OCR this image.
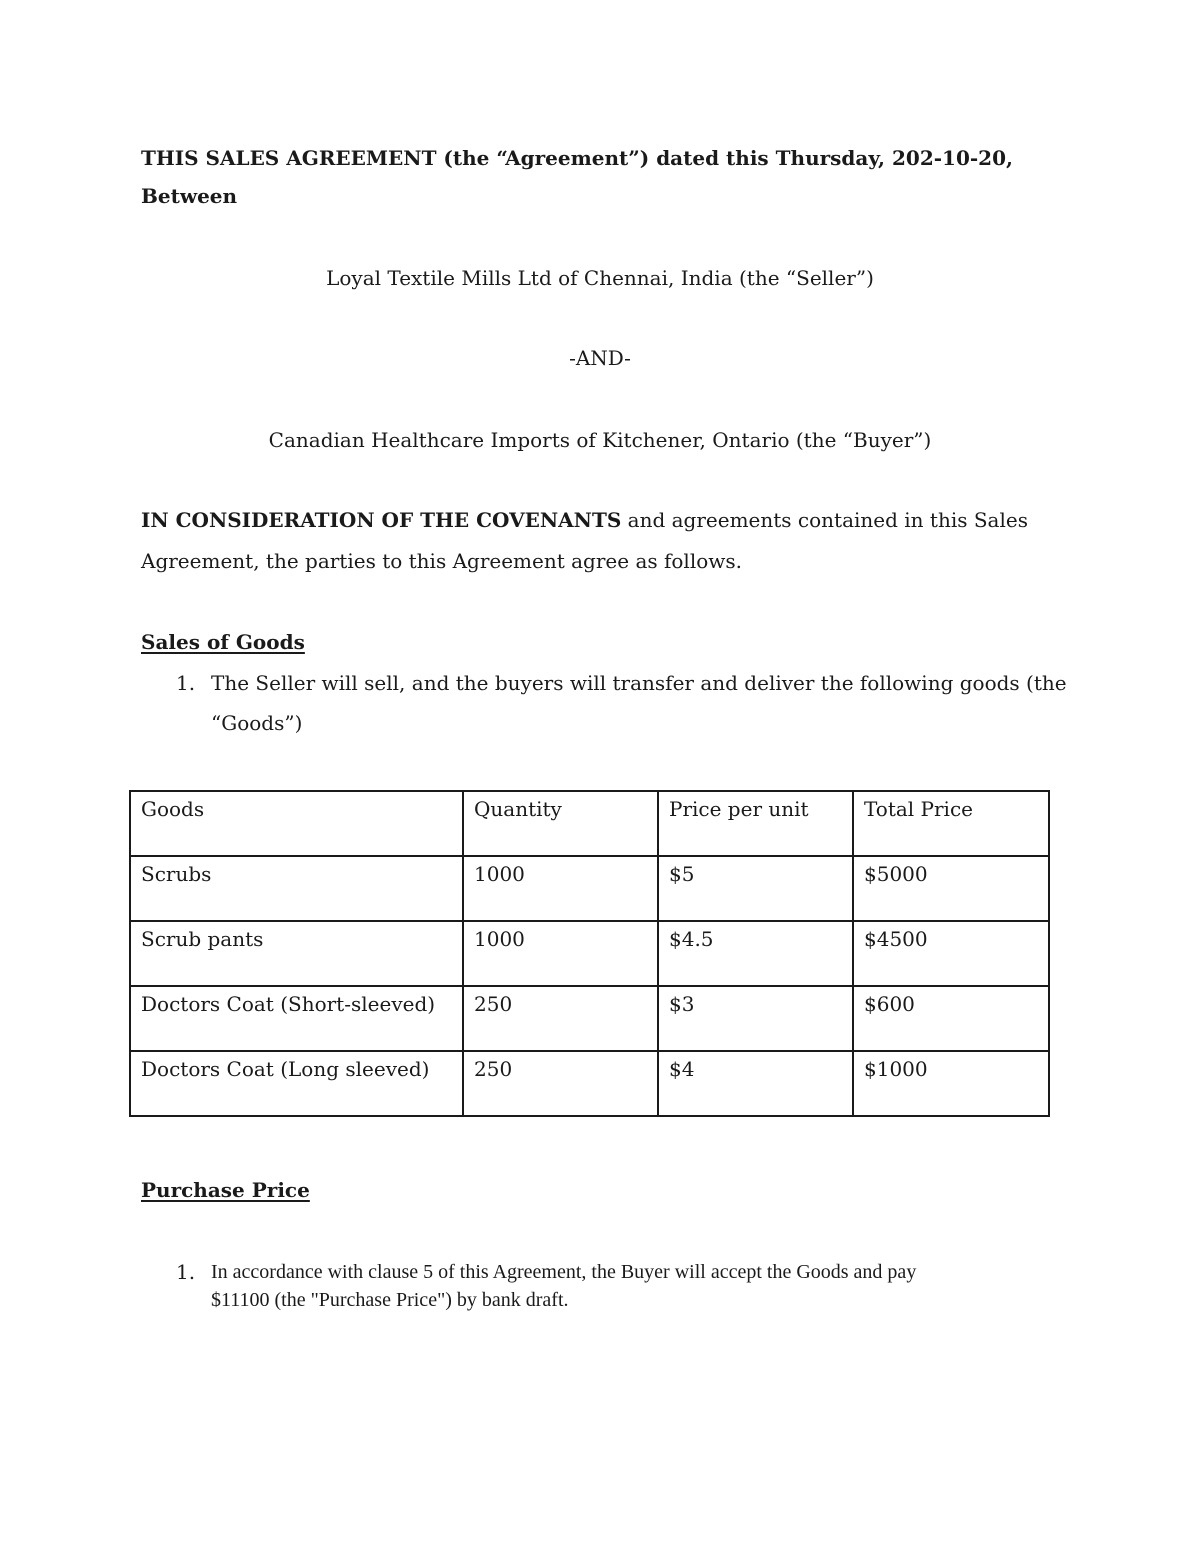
THIS SALES AGREEMENT (the “Agreement”) dated this Thursday, 202-10-20,
Between
Loyal Textile Mills Ltd of Chennai, India (the “Seller”)
-AND-
Canadian Healthcare Imports of Kitchener, Ontario (the “Buyer”)
IN CONSIDERATION OF THE COVENANTS and agreements contained in this Sales
Agreement, the parties to this Agreement agree as follows.
Sales of Goods
1. The Seller will sell, and the buyers will transfer and deliver the following goods (the
“Goods”)
Goods	Quantity	Price per unit	Total Price
Scrubs	1000	$5	$5000
Scrub pants	1000	$4.5	$4500
Doctors Coat (Short-sleeved)	250	$3	$600
Doctors Coat (Long sleeved)	250	$4	$1000
Purchase Price
1. In accordance with clause 5 of this Agreement, the Buyer will accept the Goods and pay
$11100 (the "Purchase Price") by bank draft.
